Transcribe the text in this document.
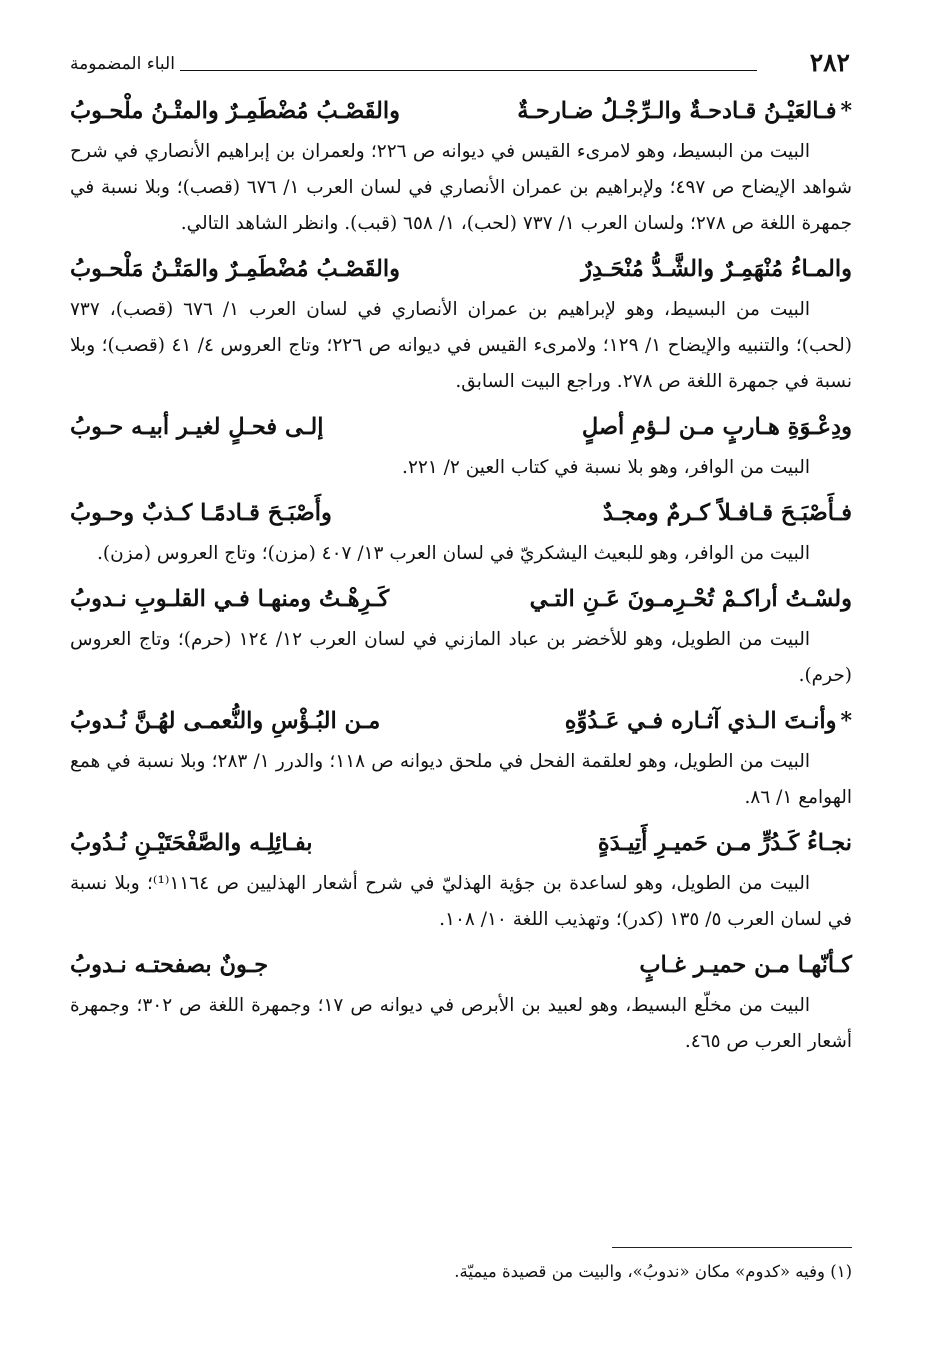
٢٨٢
الباء المضمومة
*فـالعَيْـنُ قـادحـةٌ والـرِّجْـلُ ضـارحـةٌ
والقَصْـبُ مُضْطَمِـرٌ والمتْـنُ ملْحـوبُ

البيت من البسيط، وهو لامرىء القيس في ديوانه ص ٢٢٦؛ ولعمران بن إبراهيم الأنصاري في شرح شواهد الإيضاح ص ٤٩٧؛ ولإبراهيم بن عمران الأنصاري في لسان العرب ١/ ٦٧٦ (قصب)؛ وبلا نسبة في جمهرة اللغة ص ٢٧٨؛ ولسان العرب ١/ ٧٣٧ (لحب)، ١/ ٦٥٨ (قبب). وانظر الشاهد التالي.

والمـاءُ مُنْهَمِـرٌ والشَّـدُّ مُنْحَـدِرٌ
والقَصْـبُ مُضْطَمِـرٌ والمَتْـنُ مَلْحـوبُ

البيت من البسيط، وهو لإبراهيم بن عمران الأنصاري في لسان العرب ١/ ٦٧٦ (قصب)، ٧٣٧ (لحب)؛ والتنبيه والإيضاح ١/ ١٢٩؛ ولامرىء القيس في ديوانه ص ٢٢٦؛ وتاج العروس ٤/ ٤١ (قصب)؛ وبلا نسبة في جمهرة اللغة ص ٢٧٨. وراجع البيت السابق.

ودِعْـوَةِ هـاربٍ مـن لـؤمِ أصلٍ
إلـى فحـلٍ لغيـر أبيـه حـوبُ

البيت من الوافر، وهو بلا نسبة في كتاب العين ٢/ ٢٢١.

فـأَصْبَـحَ قـافـلاً كـرمٌ ومجـدٌ
وأَصْبَـحَ قـادمًـا كـذبٌ وحـوبُ

البيت من الوافر، وهو للبعيث اليشكريّ في لسان العرب ١٣/ ٤٠٧ (مزن)؛ وتاج العروس (مزن).

ولسْـتُ أراكـمْ تُحْـرِمـونَ عَـنِ التـي
كَـرِهْـتُ ومنهـا فـي القلـوبِ نـدوبُ

البيت من الطويل، وهو للأخضر بن عباد المازني في لسان العرب ١٢/ ١٢٤ (حرم)؛ وتاج العروس (حرم).

*وأنـتَ الـذي آثـاره فـي عَـدُوِّهِ
مـن البُـؤْسِ والنُّعمـى لهُـنَّ نُـدوبُ

البيت من الطويل، وهو لعلقمة الفحل في ملحق ديوانه ص ١١٨؛ والدرر ١/ ٢٨٣؛ وبلا نسبة في همع الهوامع ١/ ٨٦.

نجـاءُ كَـدُرٍّ مـن حَميـرِ أَتِيـدَةٍ
بفـائِلِـه والصَّفْحَتَيْـنِ نُـدُوبُ

البيت من الطويل، وهو لساعدة بن جؤية الهذليّ في شرح أشعار الهذليين ص ١١٦٤⁽¹⁾؛ وبلا نسبة في لسان العرب ٥/ ١٣٥ (كدر)؛ وتهذيب اللغة ١٠/ ١٠٨.

كـأنّهـا مـن حميـر غـابٍ
جـونٌ بصفحتـه نـدوبُ

البيت من مخلّع البسيط، وهو لعبيد بن الأبرص في ديوانه ص ١٧؛ وجمهرة اللغة ص ٣٠٢؛ وجمهرة أشعار العرب ص ٤٦٥.

(١) وفيه «كدوم» مكان «ندوبُ»، والبيت من قصيدة ميميّة.
